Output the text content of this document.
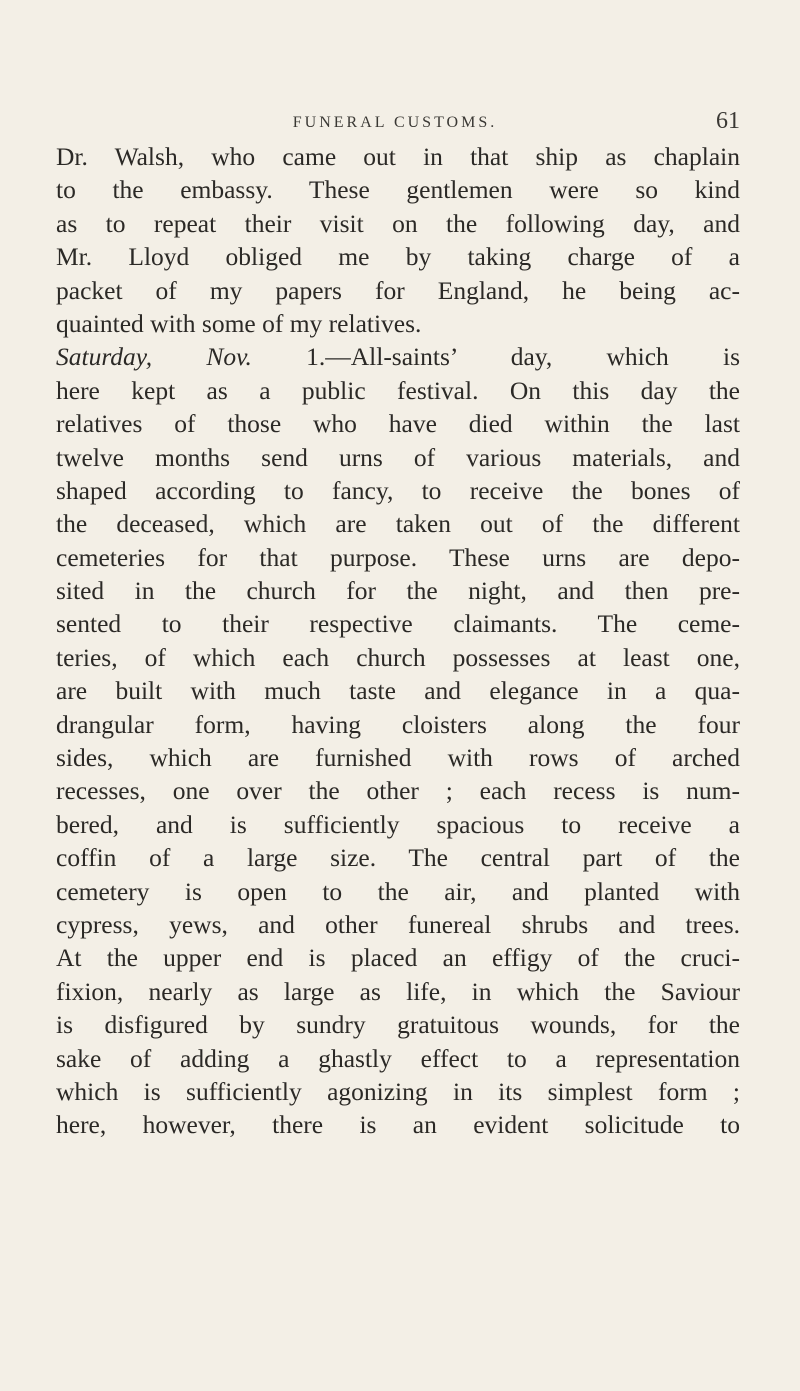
FUNERAL CUSTOMS.	61
Dr. Walsh, who came out in that ship as chaplain
to the embassy. These gentlemen were so kind
as to repeat their visit on the following day, and
Mr. Lloyd obliged me by taking charge of a
packet of my papers for England, he being ac-
quainted with some of my relatives.
Saturday, Nov. 1.—All-saints’ day, which is
here kept as a public festival. On this day the
relatives of those who have died within the last
twelve months send urns of various materials, and
shaped according to fancy, to receive the bones of
the deceased, which are taken out of the different
cemeteries for that purpose. These urns are depo-
sited in the church for the night, and then pre-
sented to their respective claimants. The ceme-
teries, of which each church possesses at least one,
are built with much taste and elegance in a qua-
drangular form, having cloisters along the four
sides, which are furnished with rows of arched
recesses, one over the other ; each recess is num-
bered, and is sufficiently spacious to receive a
coffin of a large size. The central part of the
cemetery is open to the air, and planted with
cypress, yews, and other funereal shrubs and trees.
At the upper end is placed an effigy of the cruci-
fixion, nearly as large as life, in which the Saviour
is disfigured by sundry gratuitous wounds, for the
sake of adding a ghastly effect to a representation
which is sufficiently agonizing in its simplest form ;
here, however, there is an evident solicitude to
